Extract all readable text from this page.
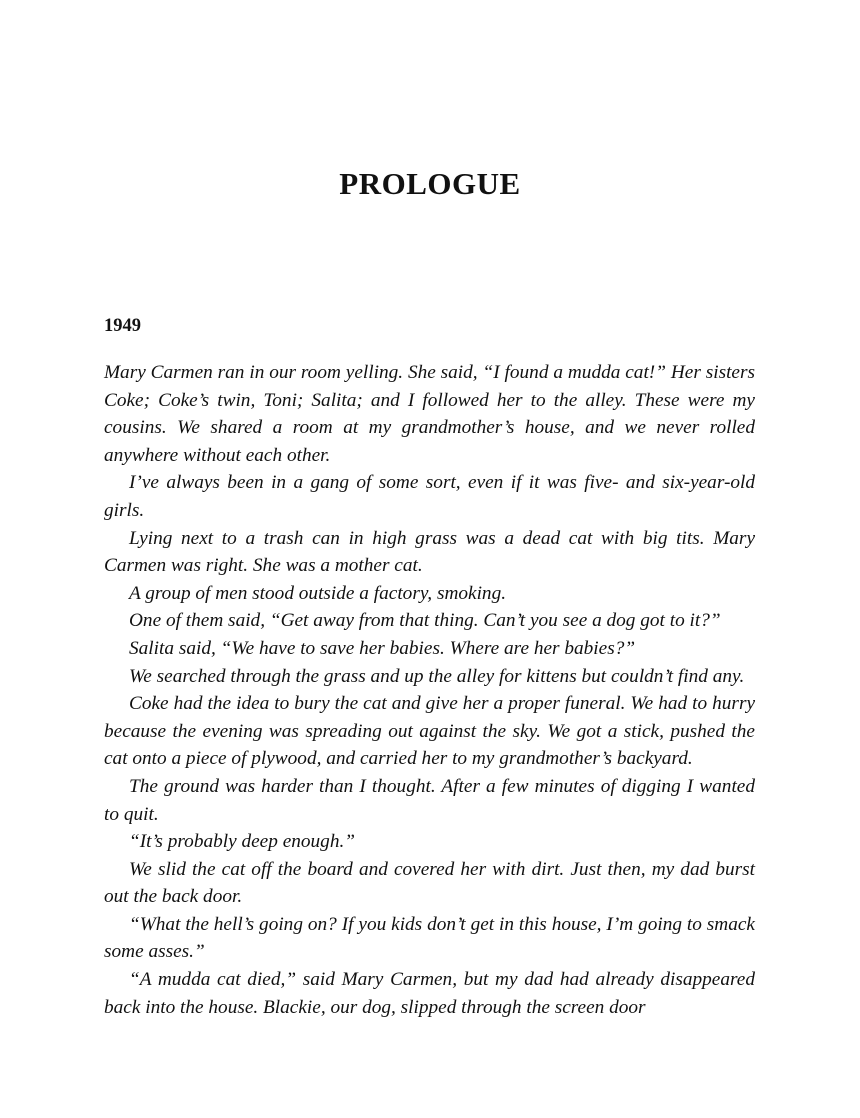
PROLOGUE
1949

Mary Carmen ran in our room yelling. She said, “I found a mudda cat!” Her sisters Coke; Coke’s twin, Toni; Salita; and I followed her to the alley. These were my cousins. We shared a room at my grandmother’s house, and we never rolled anywhere without each other.

I’ve always been in a gang of some sort, even if it was five- and six-year-old girls.

Lying next to a trash can in high grass was a dead cat with big tits. Mary Carmen was right. She was a mother cat.

A group of men stood outside a factory, smoking.

One of them said, “Get away from that thing. Can’t you see a dog got to it?”

Salita said, “We have to save her babies. Where are her babies?”

We searched through the grass and up the alley for kittens but couldn’t find any.

Coke had the idea to bury the cat and give her a proper funeral. We had to hurry because the evening was spreading out against the sky. We got a stick, pushed the cat onto a piece of plywood, and carried her to my grandmother’s backyard.

The ground was harder than I thought. After a few minutes of digging I wanted to quit.

“It’s probably deep enough.”

We slid the cat off the board and covered her with dirt. Just then, my dad burst out the back door.

“What the hell’s going on? If you kids don’t get in this house, I’m going to smack some asses.”

“A mudda cat died,” said Mary Carmen, but my dad had already disappeared back into the house. Blackie, our dog, slipped through the screen door
